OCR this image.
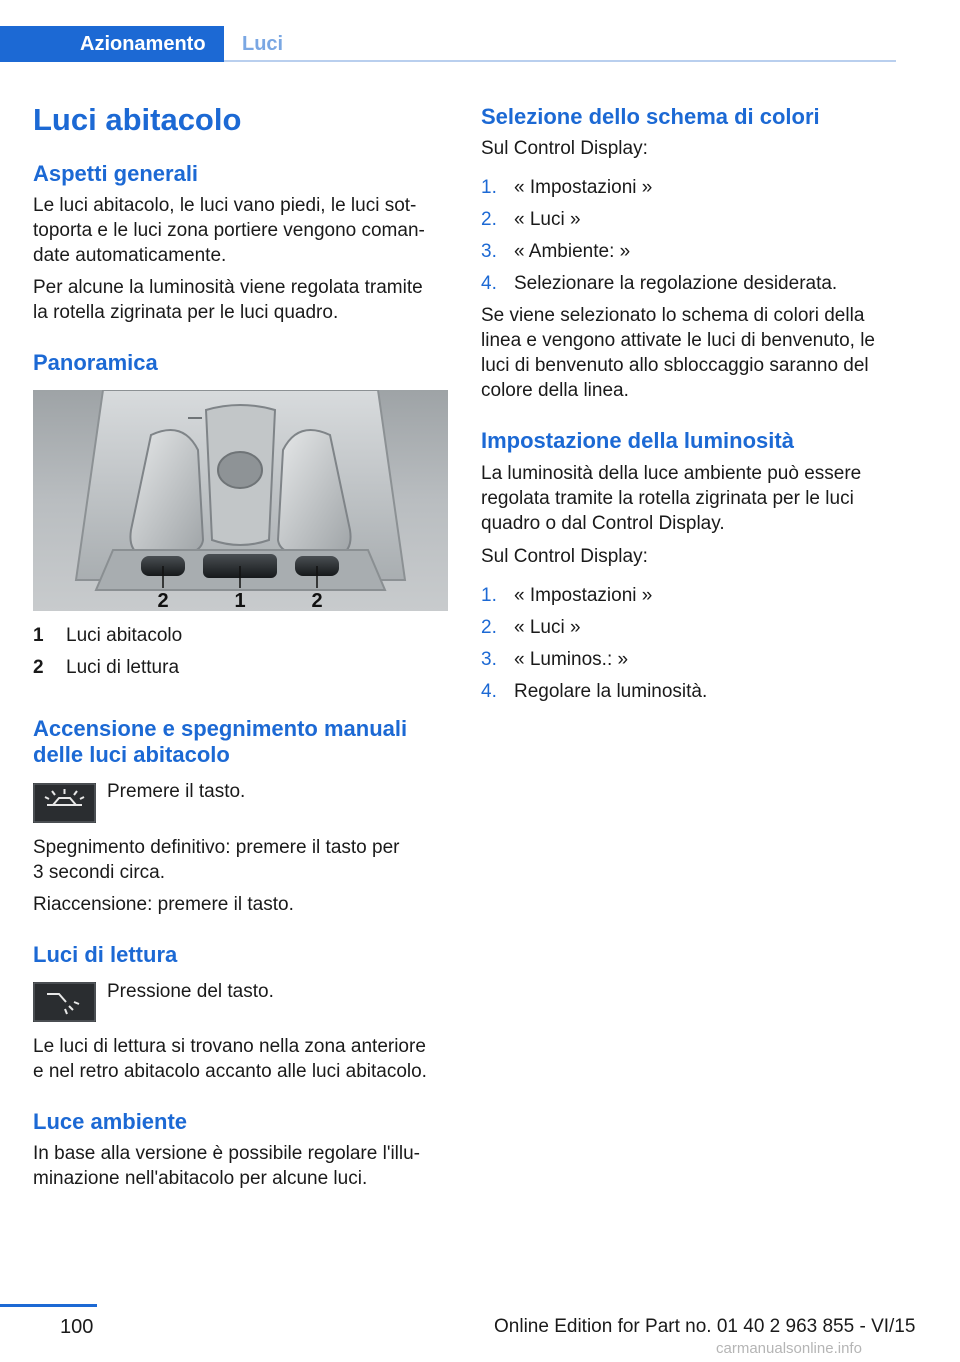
Azionamento	Luci
Luci abitacolo
Aspetti generali
Le luci abitacolo, le luci vano piedi, le luci sot‐
toporta e le luci zona portiere vengono coman‐
date automaticamente.
Per alcune la luminosità viene regolata tramite
la rotella zigrinata per le luci quadro.
Panoramica
2	1	2
1 Luci abitacolo
2 Luci di lettura
Accensione e spegnimento manuali
delle luci abitacolo
Premere il tasto.
Spegnimento definitivo: premere il tasto per
3 secondi circa.
Riaccensione: premere il tasto.
Luci di lettura
Pressione del tasto.
Le luci di lettura si trovano nella zona anteriore
e nel retro abitacolo accanto alle luci abitacolo.
Luce ambiente
In base alla versione è possibile regolare l'illu‐
minazione nell'abitacolo per alcune luci.
Selezione dello schema di colori
Sul Control Display:
1. « Impostazioni »
2. « Luci »
3. « Ambiente: »
4. Selezionare la regolazione desiderata.
Se viene selezionato lo schema di colori della
linea e vengono attivate le luci di benvenuto, le
luci di benvenuto allo sbloccaggio saranno del
colore della linea.
Impostazione della luminosità
La luminosità della luce ambiente può essere
regolata tramite la rotella zigrinata per le luci
quadro o dal Control Display.
Sul Control Display:
1. « Impostazioni »
2. « Luci »
3. « Luminos.: »
4. Regolare la luminosità.
100	Online Edition for Part no. 01 40 2 963 855 - VI/15
carmanualsonline.info
